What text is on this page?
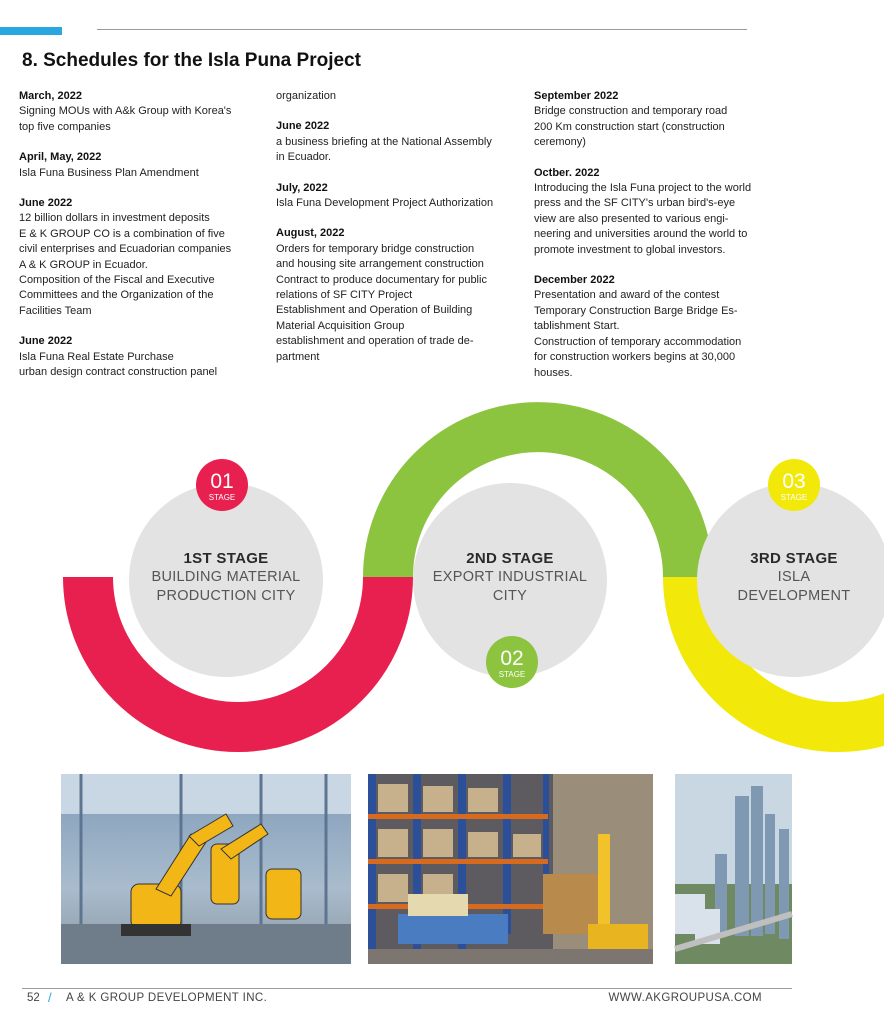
8. Schedules for the Isla Puna Project
March, 2022
Signing MOUs with A&k Group with Korea's
top five companies
April, May, 2022
Isla Funa Business Plan Amendment
June 2022
12 billion dollars in investment deposits
E & K GROUP CO is a combination of five
civil enterprises and Ecuadorian companies
A & K GROUP in Ecuador.
Composition of the Fiscal and Executive
Committees and the Organization of the
Facilities Team
June 2022
Isla Funa Real Estate Purchase
urban design contract construction panel
organization
June 2022
a business briefing at the National Assembly
in Ecuador.
July, 2022
Isla Funa Development Project Authorization
August, 2022
Orders for temporary bridge construction
and housing site arrangement construction
Contract to produce documentary for public
relations of SF CITY Project
Establishment and Operation of Building
Material Acquisition Group
establishment and operation of trade de-
partment
September 2022
Bridge construction and temporary road
200 Km construction start (construction
ceremony)
Octber. 2022
Introducing the Isla Funa project to the world
press and the SF CITY's urban bird's-eye
view are also presented to various engi-
neering and universities around the world to
promote investment to global investors.
December 2022
Presentation and award of the contest
Temporary Construction Barge Bridge Es-
tablishment Start.
Construction of temporary accommodation
for construction workers begins at 30,000
houses.
01
STAGE
02
STAGE
03
STAGE
1ST STAGE
BUILDING MATERIAL
PRODUCTION CITY
2ND STAGE
EXPORT INDUSTRIAL
CITY
3RD STAGE
ISLA
DEVELOPMENT
52 / A & K GROUP DEVELOPMENT INC.	WWW.AKGROUPUSA.COM
